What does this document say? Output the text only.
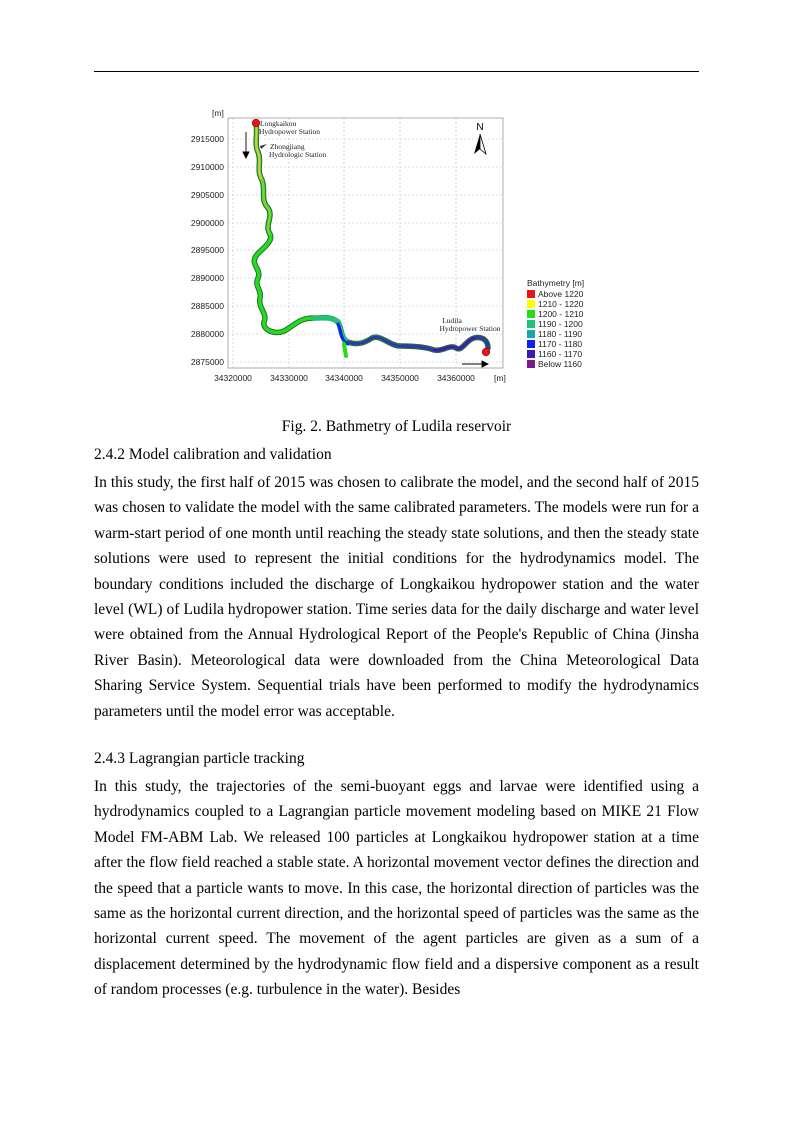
[m]
2915000
2910000
2905000
2900000
2895000
2890000
2885000
2880000
2875000
34320000 34330000 34340000 34350000 34360000 [m]
Longkaikou
Hydropower Station
Zhongjiang
Hydrologic Station
Ludila
Hydropower Station
N
Bathymetry [m]
Above 1220
1210 - 1220
1200 - 1210
1190 - 1200
1180 - 1190
1170 - 1180
1160 - 1170
Below 1160
Fig. 2. Bathmetry of Ludila reservoir
2.4.2 Model calibration and validation
In this study, the first half of 2015 was chosen to calibrate the model, and the second half of 2015 was chosen to validate the model with the same calibrated parameters. The models were run for a warm-start period of one month until reaching the steady state solutions, and then the steady state solutions were used to represent the initial conditions for the hydrodynamics model. The boundary conditions included the discharge of Longkaikou hydropower station and the water level (WL) of Ludila hydropower station. Time series data for the daily discharge and water level were obtained from the Annual Hydrological Report of the People's Republic of China (Jinsha River Basin). Meteorological data were downloaded from the China Meteorological Data Sharing Service System. Sequential trials have been performed to modify the hydrodynamics parameters until the model error was acceptable.
2.4.3 Lagrangian particle tracking
In this study, the trajectories of the semi-buoyant eggs and larvae were identified using a hydrodynamics coupled to a Lagrangian particle movement modeling based on MIKE 21 Flow Model FM-ABM Lab. We released 100 particles at Longkaikou hydropower station at a time after the flow field reached a stable state. A horizontal movement vector defines the direction and the speed that a particle wants to move. In this case, the horizontal direction of particles was the same as the horizontal current direction, and the horizontal speed of particles was the same as the horizontal current speed. The movement of the agent particles are given as a sum of a displacement determined by the hydrodynamic flow field and a dispersive component as a result of random processes (e.g. turbulence in the water). Besides
